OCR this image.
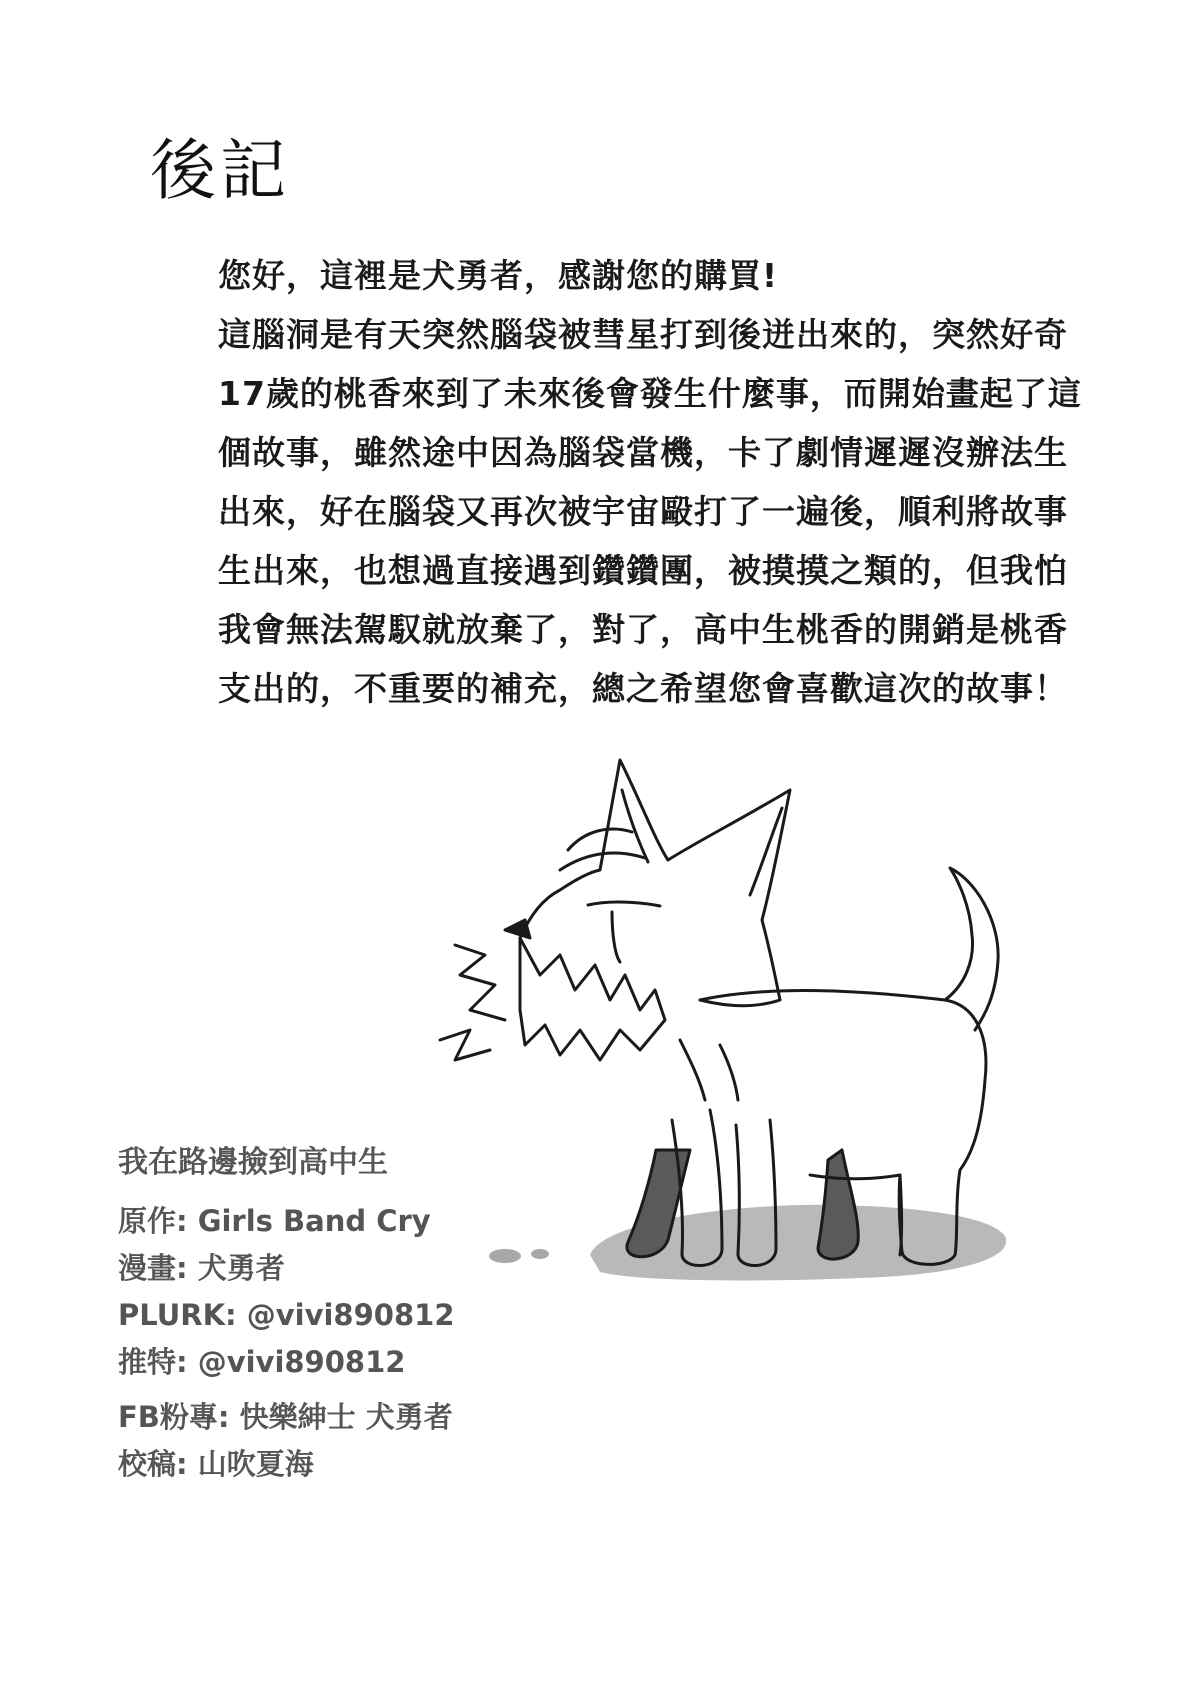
後記
您好，這裡是犬勇者，感謝您的購買!
這腦洞是有天突然腦袋被彗星打到後迸出來的，突然好奇
17歲的桃香來到了未來後會發生什麼事，而開始畫起了這
個故事，雖然途中因為腦袋當機，卡了劇情遲遲沒辦法生
出來，好在腦袋又再次被宇宙毆打了一遍後，順利將故事
生出來，也想過直接遇到鑽鑽團，被摸摸之類的，但我怕
我會無法駕馭就放棄了，對了，高中生桃香的開銷是桃香
支出的，不重要的補充，總之希望您會喜歡這次的故事！
我在路邊撿到高中生
原作: Girls Band Cry
漫畫: 犬勇者
PLURK: @vivi890812
推特: @vivi890812
FB粉專: 快樂紳士 犬勇者
校稿: 山吹夏海
